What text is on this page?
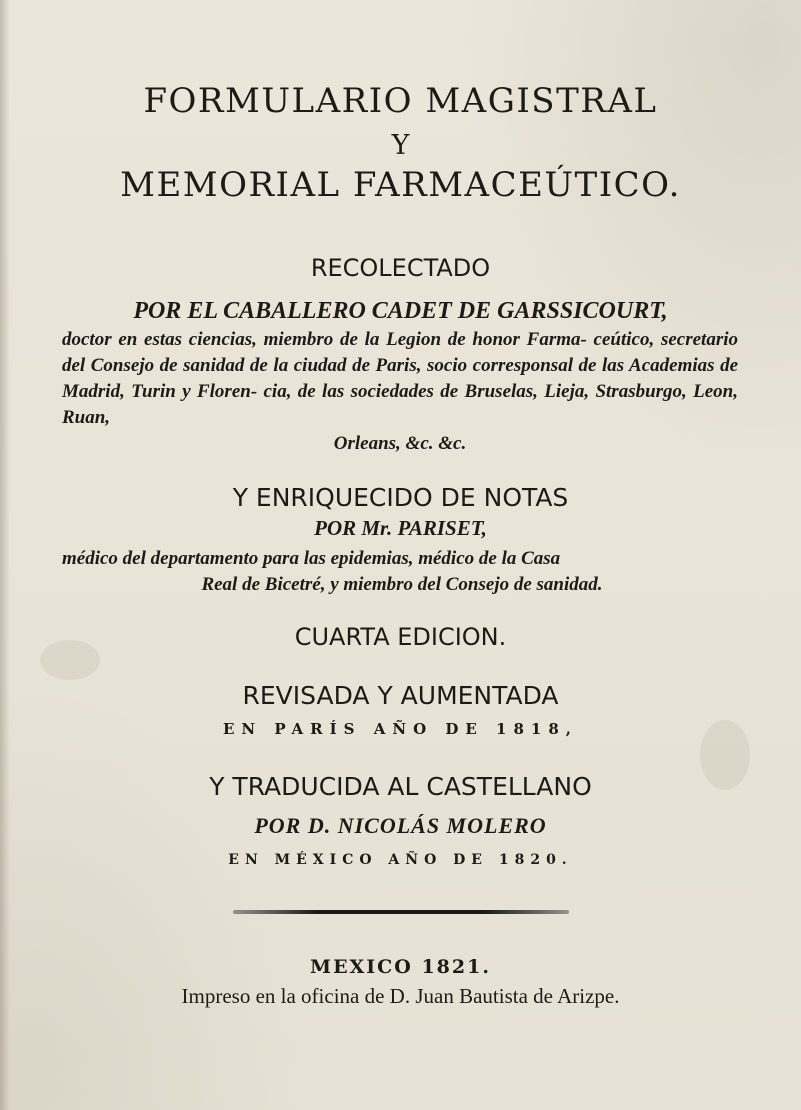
FORMULARIO MAGISTRAL
Y
MEMORIAL FARMACEÚTICO.
RECOLECTADO
POR EL CABALLERO CADET DE GARSSICOURT,
doctor en estas ciencias, miembro de la Legion de honor Farma- ceútico, secretario del Consejo de sanidad de la ciudad de Paris, socio corresponsal de las Academias de Madrid, Turin y Floren- cia, de las sociedades de Bruselas, Lieja, Strasburgo, Leon, Ruan,
Orleans, &c. &c.
Y ENRIQUECIDO DE NOTAS
POR Mr. PARISET,
médico del departamento para las epidemias, médico de la Casa
Real de Bicetré, y miembro del Consejo de sanidad.
CUARTA EDICION.
REVISADA Y AUMENTADA
EN PARÍS AÑO DE 1818,
Y TRADUCIDA AL CASTELLANO
POR D. NICOLÁS MOLERO
EN MÉXICO AÑO DE 1820.
MEXICO 1821.
Impreso en la oficina de D. Juan Bautista de Arizpe.
